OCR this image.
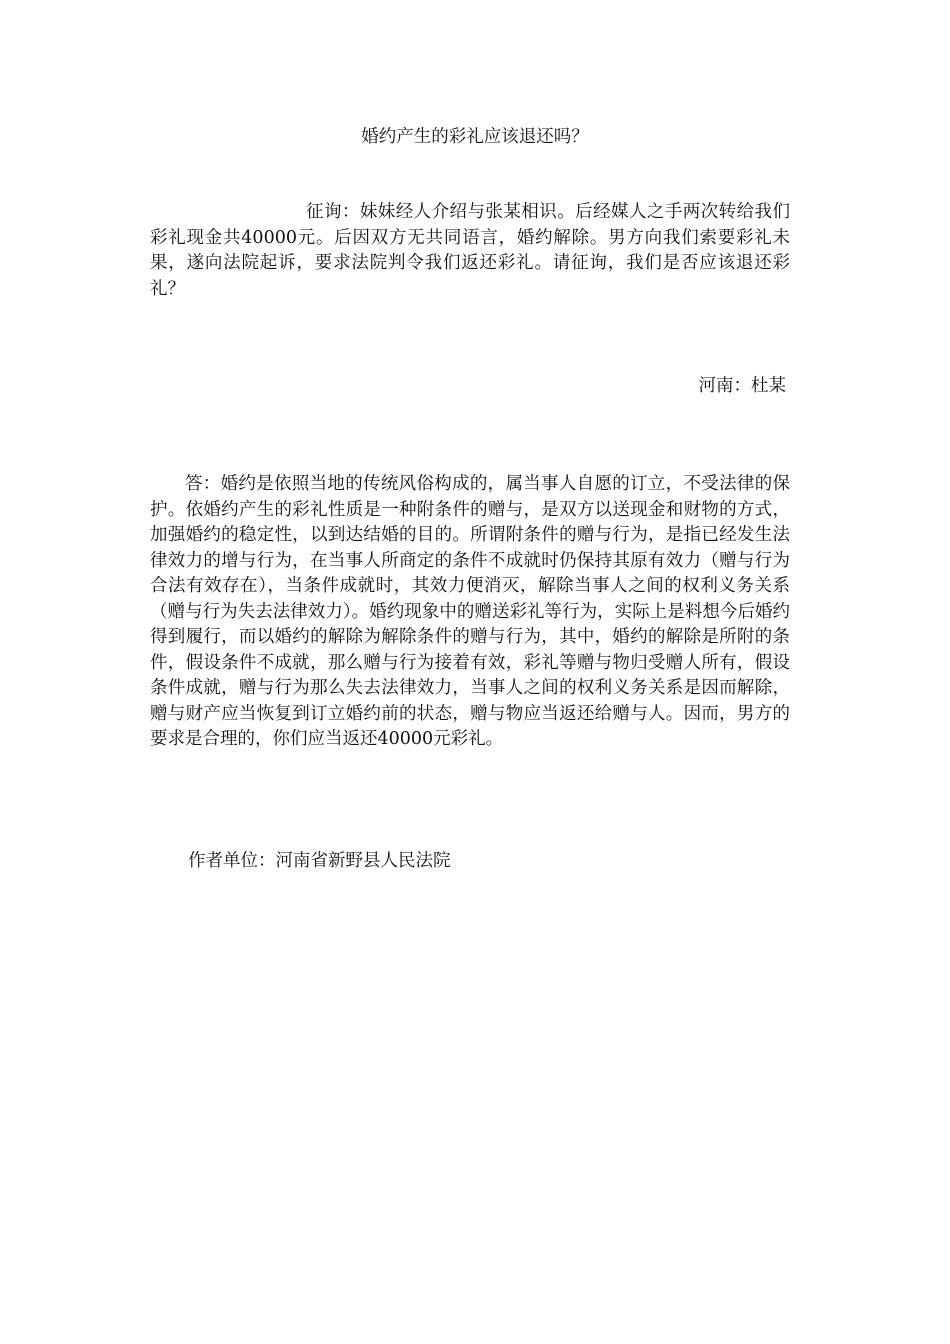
婚约产生的彩礼应该退还吗？
征询：妹妹经人介绍与张某相识。后经媒人之手两次转给我们彩礼现金共40000元。后因双方无共同语言，婚约解除。男方向我们索要彩礼未果，遂向法院起诉，要求法院判令我们返还彩礼。请征询，我们是否应该退还彩礼？
河南：杜某
答：婚约是依照当地的传统风俗构成的，属当事人自愿的订立，不受法律的保护。依婚约产生的彩礼性质是一种附条件的赠与，是双方以送现金和财物的方式，加强婚约的稳定性，以到达结婚的目的。所谓附条件的赠与行为，是指已经发生法律效力的增与行为，在当事人所商定的条件不成就时仍保持其原有效力（赠与行为合法有效存在），当条件成就时，其效力便消灭，解除当事人之间的权利义务关系（赠与行为失去法律效力）。婚约现象中的赠送彩礼等行为，实际上是料想今后婚约得到履行，而以婚约的解除为解除条件的赠与行为，其中，婚约的解除是所附的条件，假设条件不成就，那么赠与行为接着有效，彩礼等赠与物归受赠人所有，假设条件成就，赠与行为那么失去法律效力，当事人之间的权利义务关系是因而解除，赠与财产应当恢复到订立婚约前的状态，赠与物应当返还给赠与人。因而，男方的要求是合理的，你们应当返还40000元彩礼。
作者单位：河南省新野县人民法院
